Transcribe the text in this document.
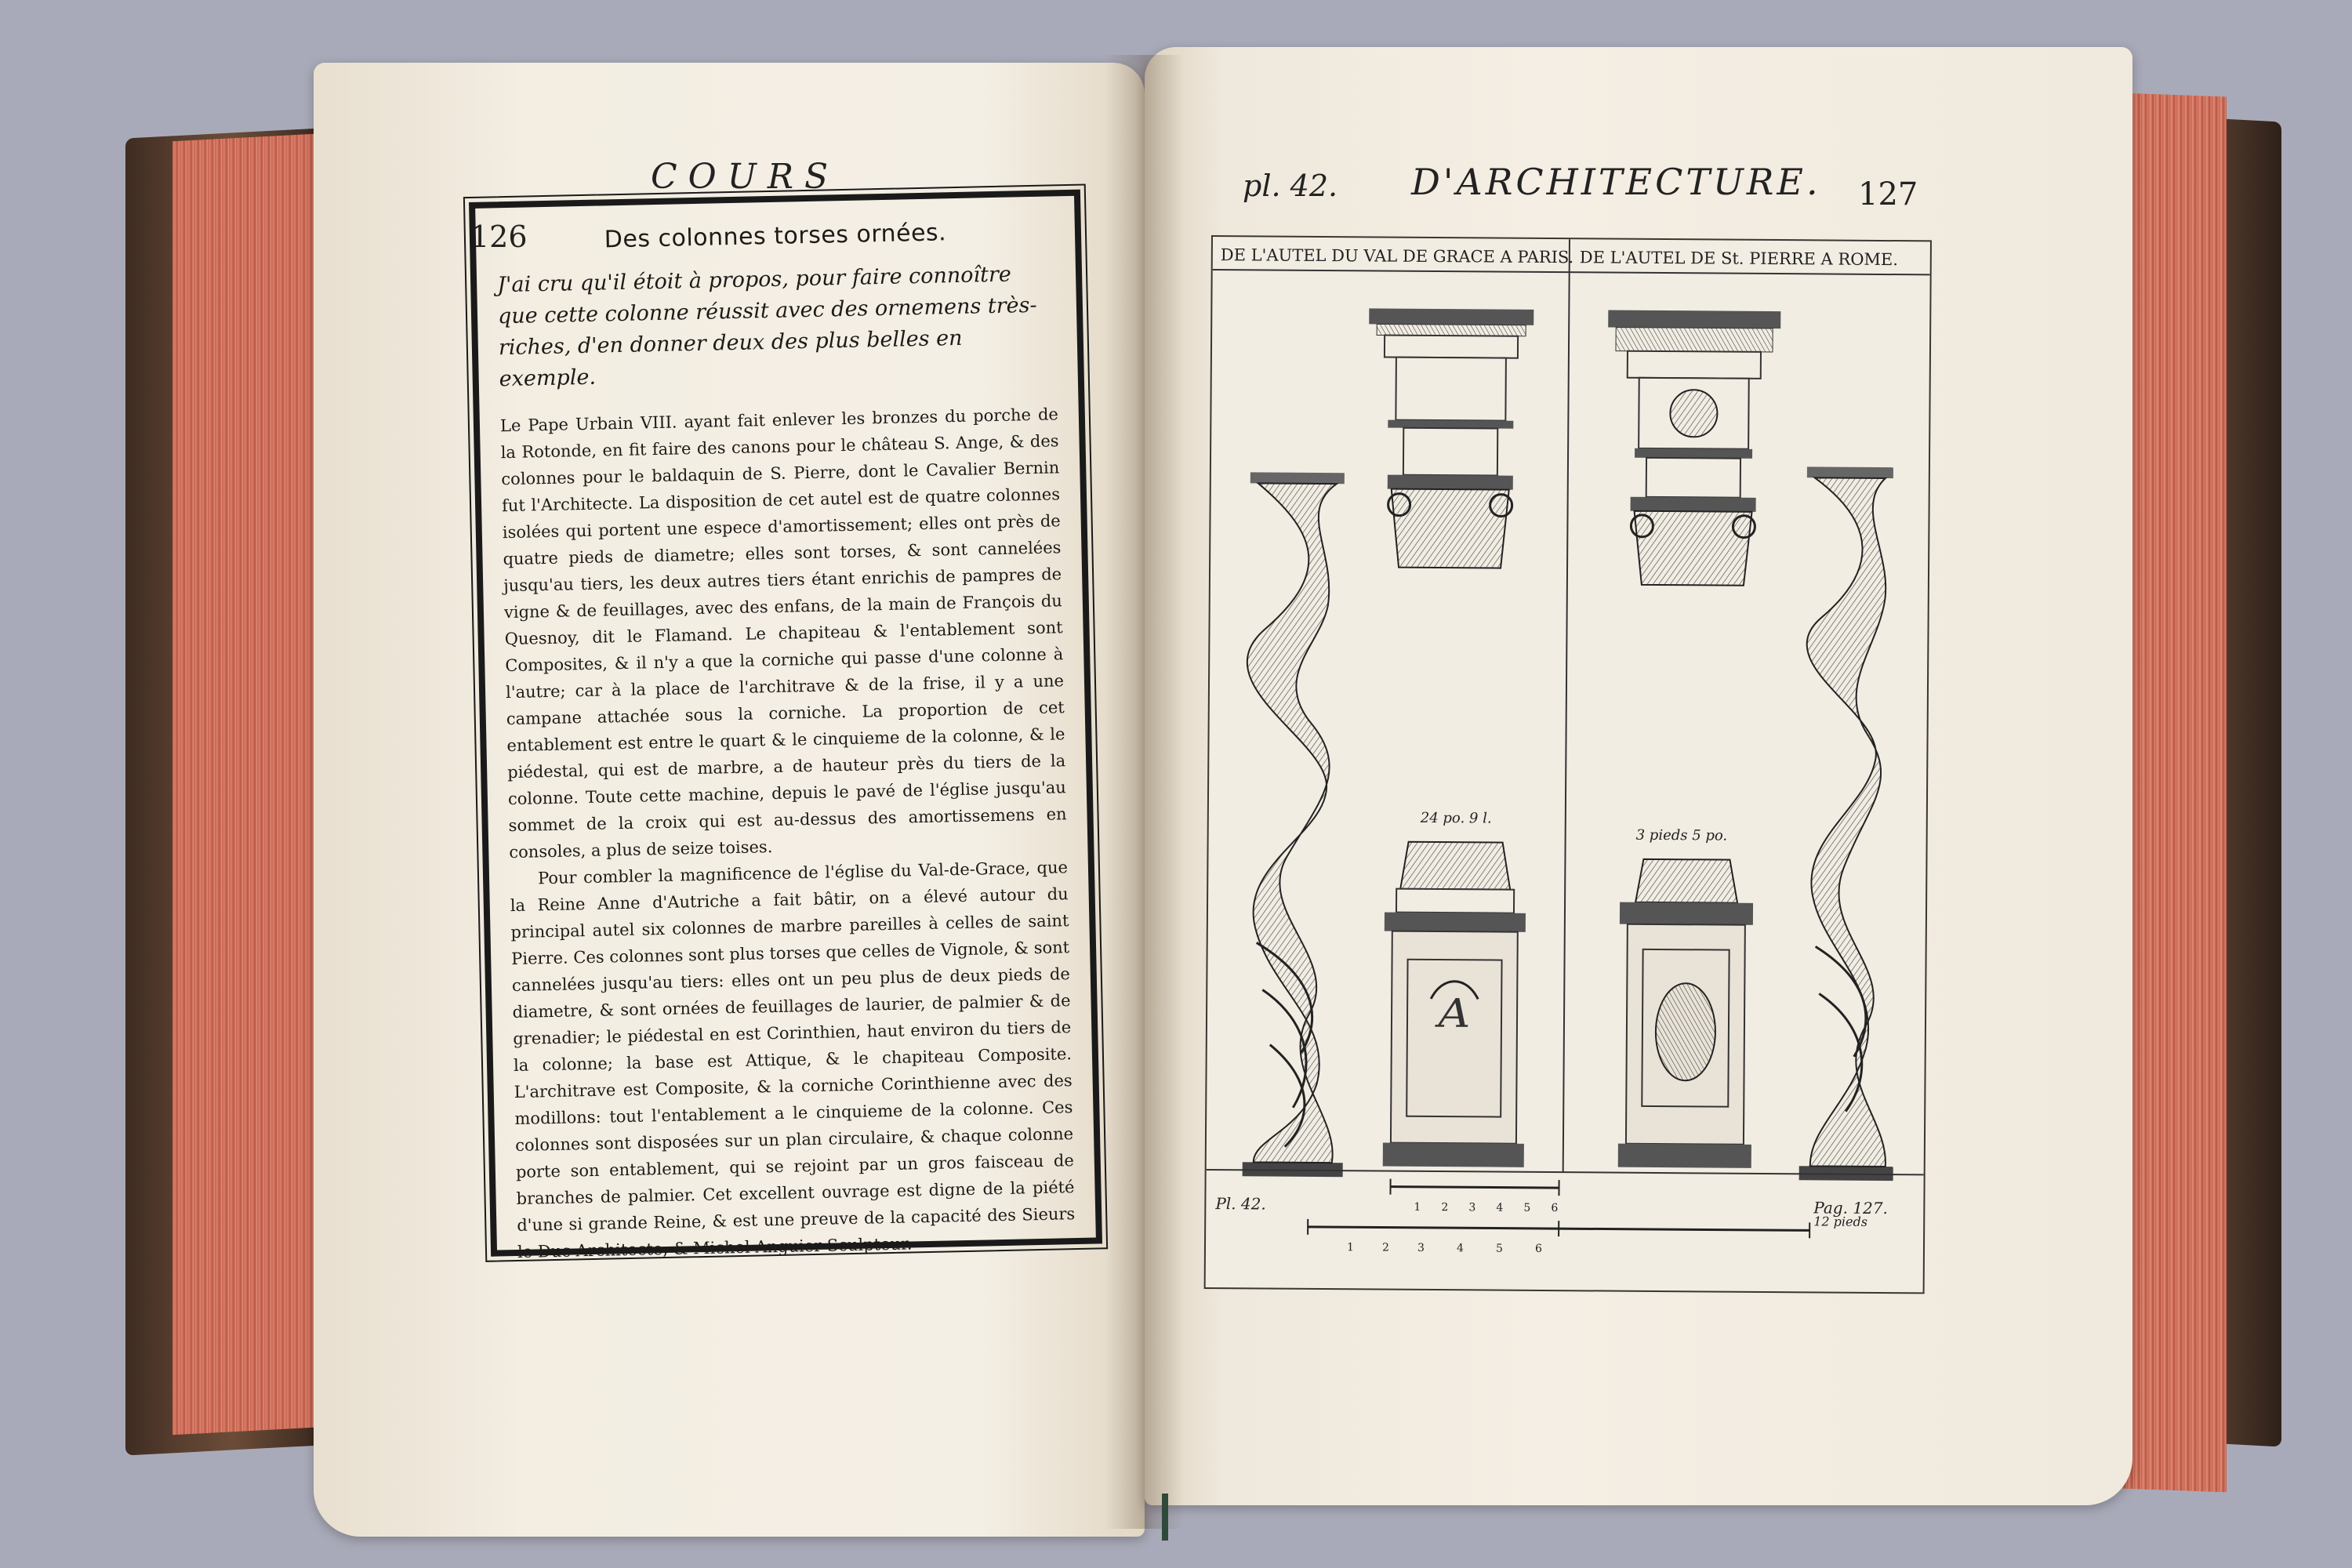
COURS
126
pl. 42. D'ARCHITECTURE. 127
Des colonnes torses ornées.

J'ai cru qu'il étoit à propos, pour faire connoître que cette colonne réussit avec des ornemens très-riches, d'en donner deux des plus belles en exemple.

Le Pape Urbain VIII. ayant fait enlever les bronzes du porche de la Rotonde, en fit faire des canons pour le château S. Ange, & des colonnes pour le baldaquin de S. Pierre, dont le Cavalier Bernin fut l'Architecte. La disposition de cet autel est de quatre colonnes isolées qui portent une espece d'amortissement; elles ont près de quatre pieds de diametre; elles sont torses, & sont cannelées jusqu'au tiers, les deux autres tiers étant enrichis de pampres de vigne & de feuillages, avec des enfans, de la main de François du Quesnoy, dit le Flamand. Le chapiteau & l'entablement sont Composites, & il n'y a que la corniche qui passe d'une colonne à l'autre; car à la place de l'architrave & de la frise, il y a une campane attachée sous la corniche. La proportion de cet entablement est entre le quart & le cinquieme de la colonne, & le piédestal, qui est de marbre, a de hauteur près du tiers de la colonne. Toute cette machine, depuis le pavé de l'église jusqu'au sommet de la croix qui est au-dessus des amortissemens en consoles, a plus de seize toises.

Pour combler la magnificence de l'église du Val-de-Grace, que la Reine Anne d'Autriche a fait bâtir, on a élevé autour du principal autel six colonnes de marbre pareilles à celles de saint Pierre. Ces colonnes sont plus torses que celles de Vignole, & sont cannelées jusqu'au tiers: elles ont un peu plus de deux pieds de diametre, & sont ornées de feuillages de laurier, de palmier & de grenadier; le piédestal en est Corinthien, haut environ du tiers de la colonne; la base est Attique, & le chapiteau Composite. L'architrave est Composite, & la corniche Corinthienne avec des modillons: tout l'entablement a le cinquieme de la colonne. Ces colonnes sont disposées sur un plan circulaire, & chaque colonne porte son entablement, qui se rejoint par un gros faisceau de branches de palmier. Cet excellent ouvrage est digne de la piété d'une si grande Reine, & est une preuve de la capacité des Sieurs le Duc Architecte, & Michel Anguier Sculpteur.

DE L'AUTEL DU VAL DE GRACE A PARIS. DE L'AUTEL DE St. PIERRE A ROME.
24 po. 9 l.
ᴬ
3 pieds 5 po.
Pl. 42.	Pag. 127.
1 2 3 4 5 6
12 pieds
1	2	3	4	5	6
